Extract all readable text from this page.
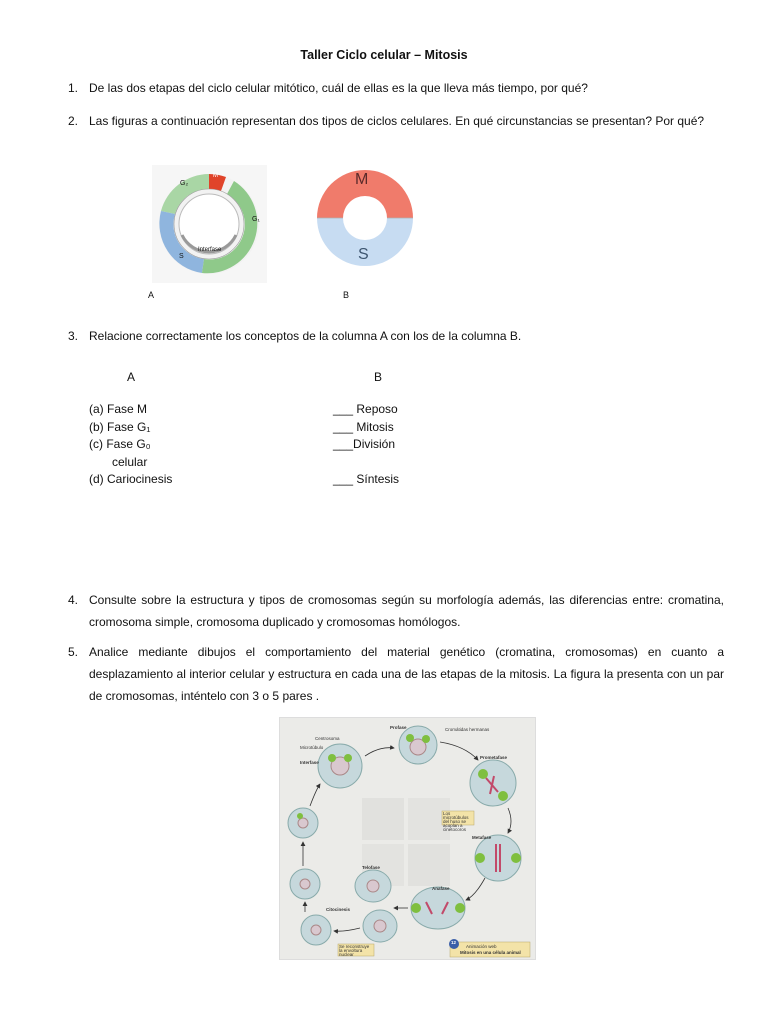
Taller Ciclo celular – Mitosis
1. De las dos etapas del ciclo celular mitótico, cuál de ellas es la que lleva más tiempo, por qué?
2. Las figuras a continuación representan dos tipos de ciclos celulares. En qué circunstancias se presentan? Por qué?
G₂
M
G₁
S
Interfase
A
M
S
B
3. Relacione correctamente los conceptos de la columna A con los de la columna B.
A	B
(a) Fase M
(b) Fase G₁
(c) Fase G₀
celular
(d) Cariocinesis
___ Reposo
___ Mitosis
___División
___ Síntesis
4. Consulte sobre la estructura y tipos de cromosomas según su morfología además, las diferencias entre: cromatina, cromosoma simple, cromosoma duplicado y cromosomas homólogos.
5. Analice mediante dibujos el comportamiento del material genético (cromatina, cromosomas) en cuanto a desplazamiento al interior celular y estructura en cada una de las etapas de la mitosis. La figura la presenta con un par de cromosomas, inténtelo con 3 o 5 pares .
Profase
Prometafase
Metafase
Anafase
Telofase
Citocinesis
Interfase
Centrosoma
Microtúbulo
Cromátidas hermanas
Los microtúbulos del huso se acoplan a cinetocoros
Se reconstruye la envoltura nuclear
12
Animación web
Mitosis en una célula animal
